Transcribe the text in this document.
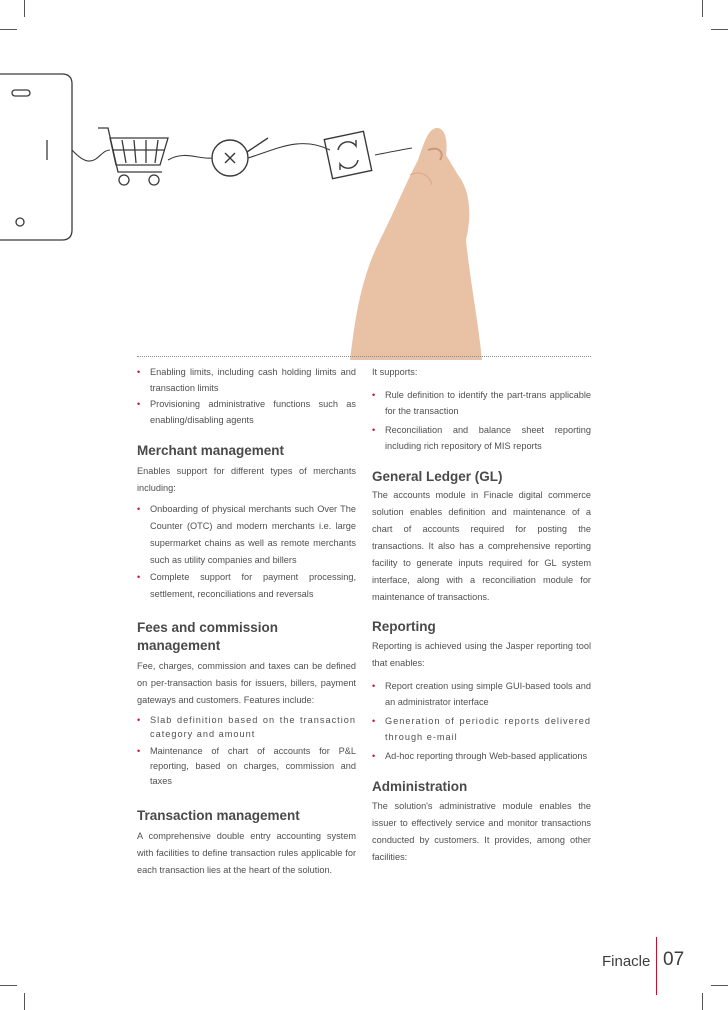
• Enabling limits, including cash holding limits and transaction limits
• Provisioning administrative functions such as enabling/disabling agents
Merchant management

Enables support for different types of merchants including:

• Onboarding of physical merchants such Over The Counter (OTC) and modern merchants i.e. large supermarket chains as well as remote merchants such as utility companies and billers
• Complete support for payment processing, settlement, reconciliations and reversals
Fees and commission management

Fee, charges, commission and taxes can be defined on per-transaction basis for issuers, billers, payment gateways and customers. Features include:

• Slab definition based on the transaction category and amount
• Maintenance of chart of accounts for P&L reporting, based on charges, commission and taxes
Transaction management

A comprehensive double entry accounting system with facilities to define transaction rules applicable for each transaction lies at the heart of the solution.

It supports:

• Rule definition to identify the part-trans applicable for the transaction
• Reconciliation and balance sheet reporting including rich repository of MIS reports
General Ledger (GL)

The accounts module in Finacle digital commerce solution enables definition and maintenance of a chart of accounts required for posting the transactions. It also has a comprehensive reporting facility to generate inputs required for GL system interface, along with a reconciliation module for maintenance of transactions.

Reporting

Reporting is achieved using the Jasper reporting tool that enables:

• Report creation using simple GUI-based tools and an administrator interface
• Generation of periodic reports delivered through e-mail
• Ad-hoc reporting through Web-based applications
Administration

The solution's administrative module enables the issuer to effectively service and monitor transactions conducted by customers. It provides, among other facilities:

Finacle 07
